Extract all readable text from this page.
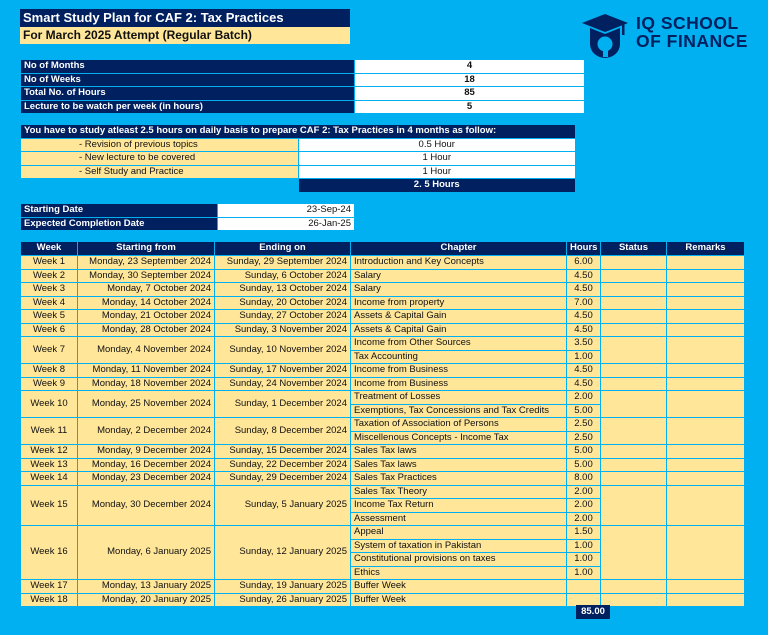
Smart Study Plan for CAF 2: Tax Practices
For March 2025 Attempt (Regular Batch)
IQ SCHOOL
OF FINANCE
No of Months	4
No of Weeks	18
Total No. of Hours	85
Lecture to be watch per week (in hours)	5
You have to study atleast 2.5 hours on daily basis to prepare CAF 2: Tax Practices in 4 months as follow:	
- Revision of previous topics	0.5 Hour
- New lecture to be covered	1 Hour
- Self Study and Practice	1 Hour
	2. 5 Hours
Starting Date	23-Sep-24
Expected Completion Date	26-Jan-25
Week	Starting from	Ending on	Chapter	Hours	Status	Remarks
Week 1	Monday, 23 September 2024	Sunday, 29 September 2024	Introduction and Key Concepts	6.00		
Week 2	Monday, 30 September 2024	Sunday, 6 October 2024	Salary	4.50		
Week 3	Monday, 7 October 2024	Sunday, 13 October 2024	Salary	4.50		
Week 4	Monday, 14 October 2024	Sunday, 20 October 2024	Income from property	7.00		
Week 5	Monday, 21 October 2024	Sunday, 27 October 2024	Assets & Capital Gain	4.50		
Week 6	Monday, 28 October 2024	Sunday, 3 November 2024	Assets & Capital Gain	4.50		
Week 7	Monday, 4 November 2024	Sunday, 10 November 2024	Income from Other Sources	3.50		
			Tax Accounting	1.00		
Week 8	Monday, 11 November 2024	Sunday, 17 November 2024	Income from Business	4.50		
Week 9	Monday, 18 November 2024	Sunday, 24 November 2024	Income from Business	4.50		
Week 10	Monday, 25 November 2024	Sunday, 1 December 2024	Treatment of Losses	2.00		
			Exemptions, Tax Concessions and Tax Credits	5.00		
Week 11	Monday, 2 December 2024	Sunday, 8 December 2024	Taxation of Association of Persons	2.50		
			Miscellenous Concepts - Income Tax	2.50		
Week 12	Monday, 9 December 2024	Sunday, 15 December 2024	Sales Tax laws	5.00		
Week 13	Monday, 16 December 2024	Sunday, 22 December 2024	Sales Tax laws	5.00		
Week 14	Monday, 23 December 2024	Sunday, 29 December 2024	Sales Tax Practices	8.00		
Week 15	Monday, 30 December 2024	Sunday, 5 January 2025	Sales Tax Theory	2.00		
			Income Tax Return	2.00		
			Assessment	2.00		
Week 16	Monday, 6 January 2025	Sunday, 12 January 2025	Appeal	1.50		
			System of taxation in Pakistan	1.00		
			Constitutional provisions on taxes	1.00		
			Ethics	1.00		
Week 17	Monday, 13 January 2025	Sunday, 19 January 2025	Buffer Week			
Week 18	Monday, 20 January 2025	Sunday, 26 January 2025	Buffer Week			
85.00
